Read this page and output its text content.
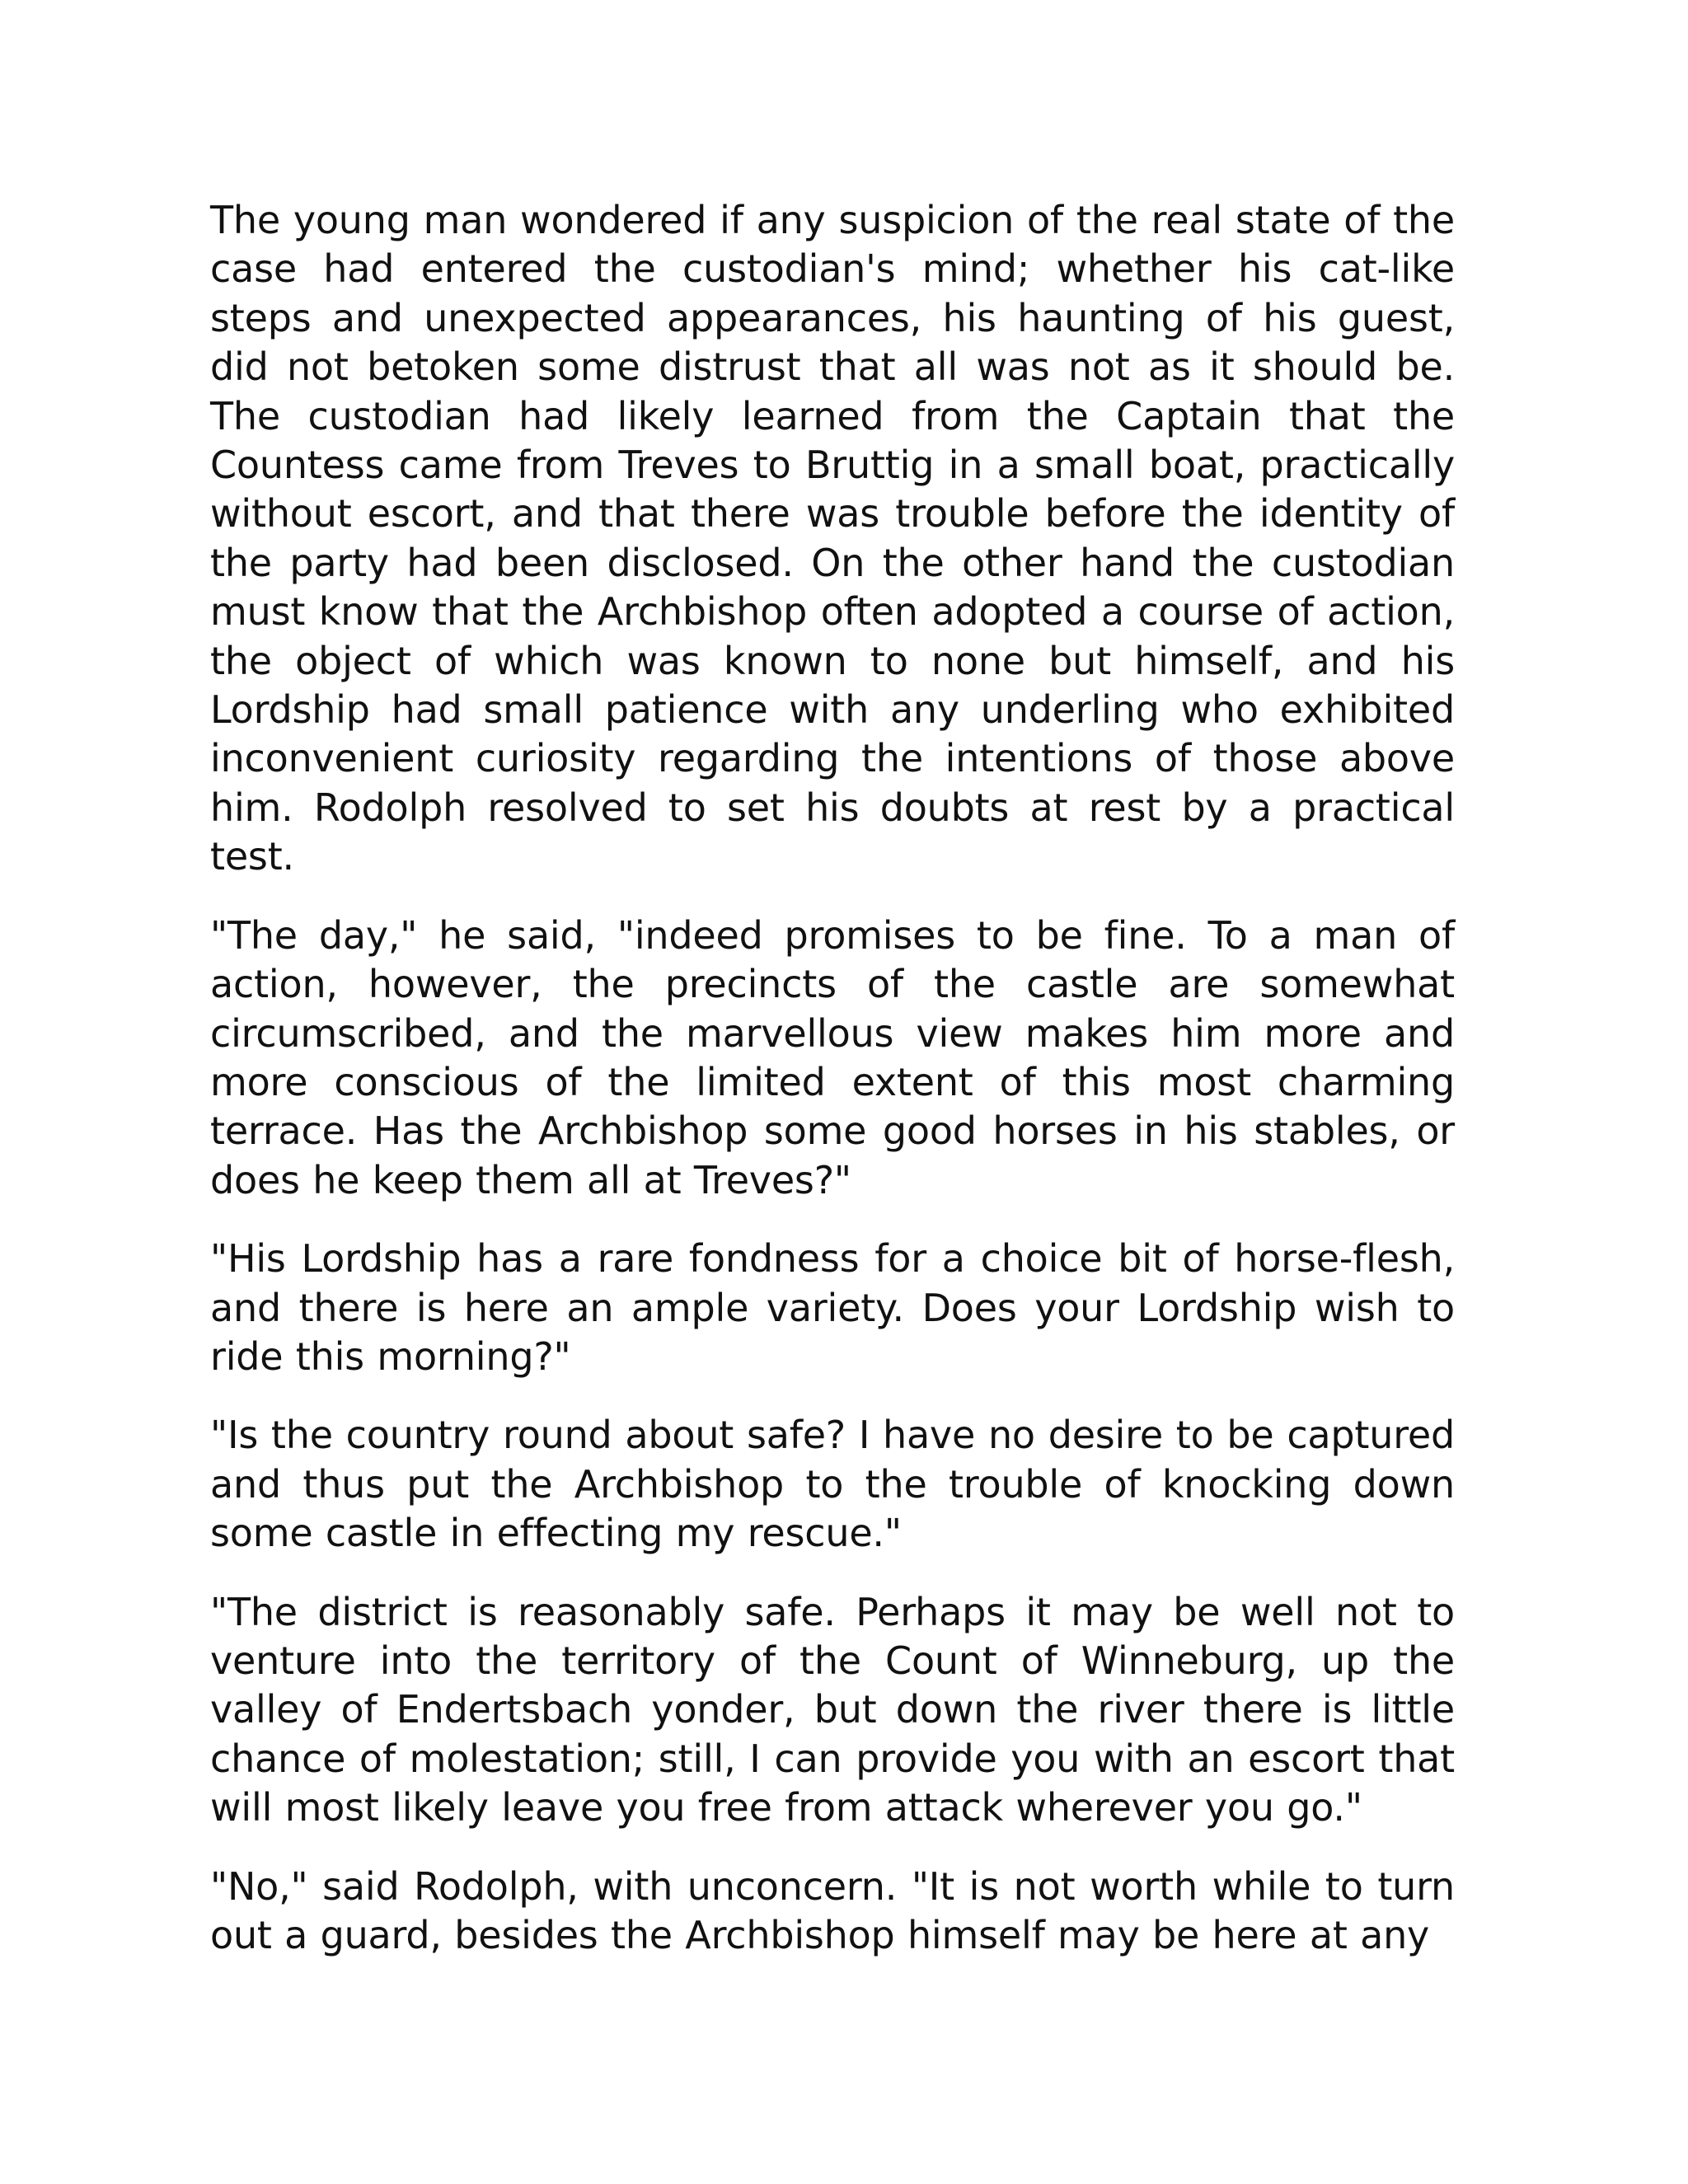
The young man wondered if any suspicion of the real state of the case had entered the custodian's mind; whether his cat-like steps and unexpected appearances, his haunting of his guest, did not betoken some distrust that all was not as it should be. The custodian had likely learned from the Captain that the Countess came from Treves to Bruttig in a small boat, practically without escort, and that there was trouble before the identity of the party had been disclosed. On the other hand the custodian must know that the Archbishop often adopted a course of action, the object of which was known to none but himself, and his Lordship had small patience with any underling who exhibited inconvenient curiosity regarding the intentions of those above him. Rodolph resolved to set his doubts at rest by a practical test.

"The day," he said, "indeed promises to be fine. To a man of action, however, the precincts of the castle are somewhat circumscribed, and the marvellous view makes him more and more conscious of the limited extent of this most charming terrace. Has the Archbishop some good horses in his stables, or does he keep them all at Treves?"

"His Lordship has a rare fondness for a choice bit of horse-flesh, and there is here an ample variety. Does your Lordship wish to ride this morning?"

"Is the country round about safe? I have no desire to be captured and thus put the Archbishop to the trouble of knocking down some castle in effecting my rescue."

"The district is reasonably safe. Perhaps it may be well not to venture into the territory of the Count of Winneburg, up the valley of Endertsbach yonder, but down the river there is little chance of molestation; still, I can provide you with an escort that will most likely leave you free from attack wherever you go."

"No," said Rodolph, with unconcern. "It is not worth while to turn out a guard, besides the Archbishop himself may be here at any
